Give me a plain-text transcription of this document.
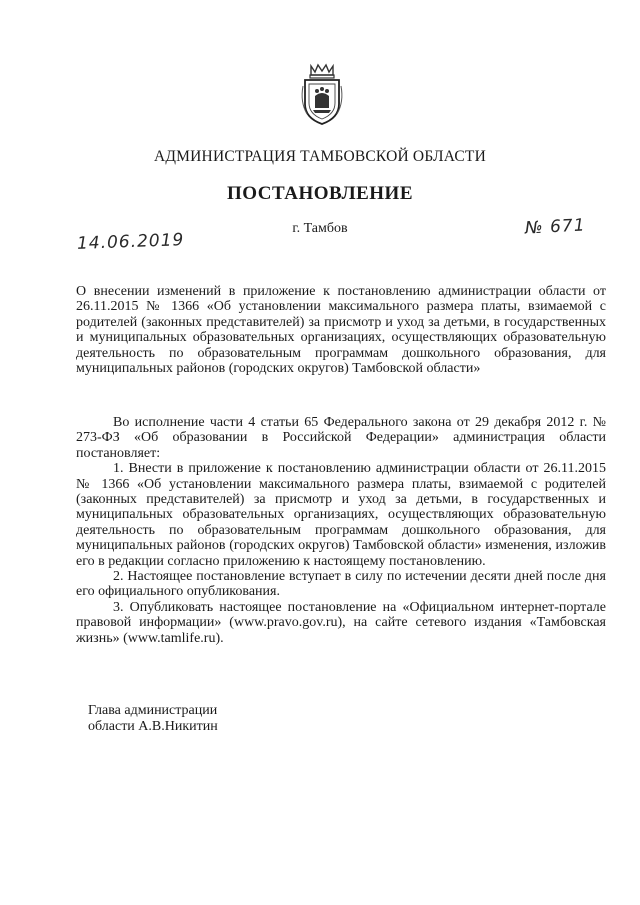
АДМИНИСТРАЦИЯ ТАМБОВСКОЙ ОБЛАСТИ
ПОСТАНОВЛЕНИЕ
г. Тамбов
14.06.2019
№ 671
О внесении изменений в приложение к постановлению администрации области от 26.11.2015 № 1366 «Об установлении максимального размера платы, взимаемой с родителей (законных представителей) за присмотр и уход за детьми, в государственных и муниципальных образовательных организациях, осуществляющих образовательную деятельность по образовательным программам дошкольного образования, для муниципальных районов (городских округов) Тамбовской области»

Во исполнение части 4 статьи 65 Федерального закона от 29 декабря 2012 г. № 273-ФЗ «Об образовании в Российской Федерации» администрация области постановляет:

1. Внести в приложение к постановлению администрации области от 26.11.2015 № 1366 «Об установлении максимального размера платы, взимаемой с родителей (законных представителей) за присмотр и уход за детьми, в государственных и муниципальных образовательных организациях, осуществляющих образовательную деятельность по образовательным программам дошкольного образования, для муниципальных районов (городских округов) Тамбовской области» изменения, изложив его в редакции согласно приложению к настоящему постановлению.

2. Настоящее постановление вступает в силу по истечении десяти дней после дня его официального опубликования.

3. Опубликовать настоящее постановление на «Официальном интернет-портале правовой информации» (www.pravo.gov.ru), на сайте сетевого издания «Тамбовская жизнь» (www.tamlife.ru).

Глава администрации
области А.В.Никитин
